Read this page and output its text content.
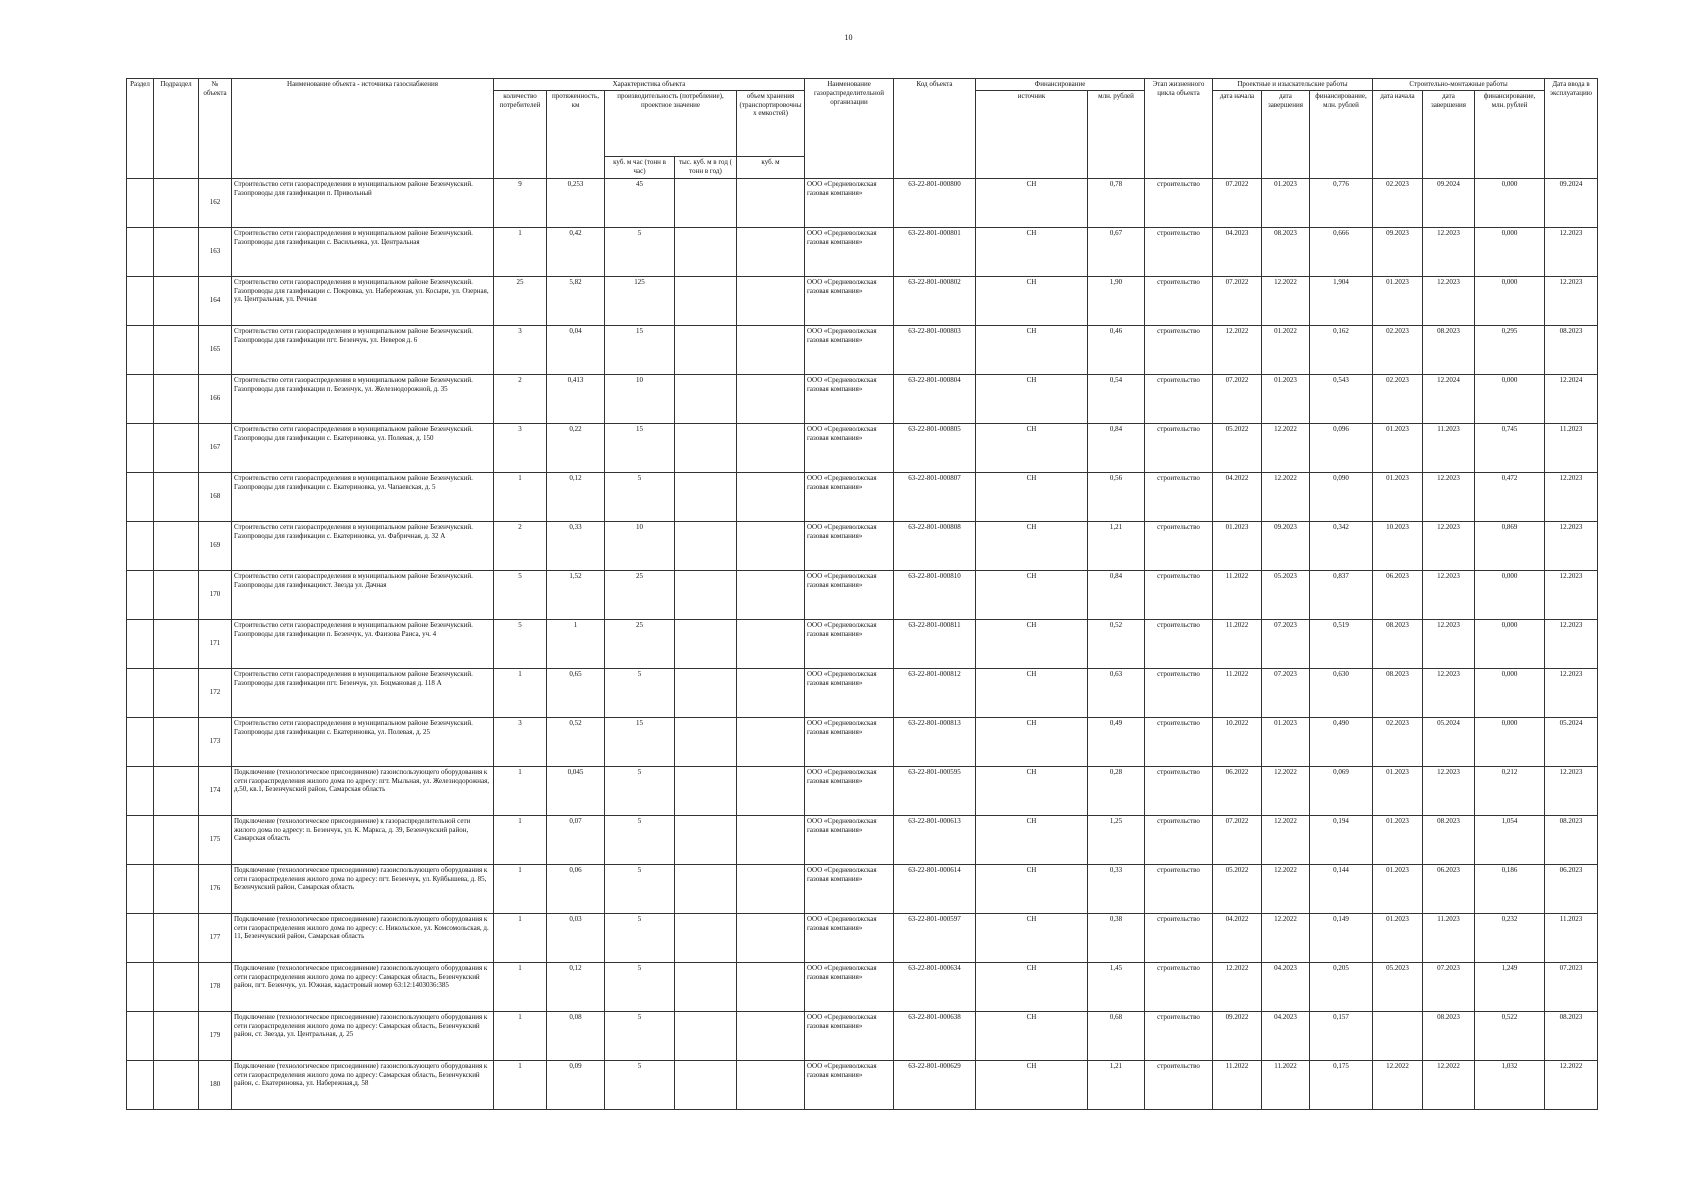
10
Раздел	Подраздел	№ объекта	Наименование объекта - источника газоснабжения	Характеристика объекта					Наименование газораспределительной организации	Код объекта	Финансирование		Этап жизненного цикла объекта	Проектные и изыскательские работы			Строительно-монтажные работы			Дата ввода в эксплуатацию
				количество потребителей	протяженность, км	производительность (потребление), проектное значение		объем хранения (транспортировочных емкостей)			источник	млн. рублей		дата начала	дата завершения	финансирование, млн. рублей	дата начала	дата завершения	финансирование, млн. рублей	
						куб. м час (тонн в час)	тыс. куб. м в год ( тонн в год)	куб. м												
		162	Строительство сети газораспределения в муниципальном районе Безенчукский. Газопроводы для газификации п. Привольный	9	0,253	45			ООО «Средневолжская газовая компания»	63-22-801-000800	СН	0,78	строительство	07.2022	01.2023	0,776	02.2023	09.2024	0,000	09.2024
		163	Строительство сети газораспределения в муниципальном районе Безенчукский. Газопроводы для газификации с. Васильевка, ул. Центральная	1	0,42	5			ООО «Средневолжская газовая компания»	63-22-801-000801	СН	0,67	строительство	04.2023	08.2023	0,666	09.2023	12.2023	0,000	12.2023
		164	Строительство сети газораспределения в муниципальном районе Безенчукский. Газопроводы для газификации с. Покровка, ул. Набережная, ул. Косыри, ул. Озерная, ул. Центральная, ул. Речная	25	5,82	125			ООО «Средневолжская газовая компания»	63-22-801-000802	СН	1,90	строительство	07.2022	12.2022	1,904	01.2023	12.2023	0,000	12.2023
		165	Строительство сети газораспределения в муниципальном районе Безенчукский. Газопроводы для газификации пгт. Безенчук, ул. Невероя д. 6	3	0,04	15			ООО «Средневолжская газовая компания»	63-22-801-000803	СН	0,46	строительство	12.2022	01.2022	0,162	02.2023	08.2023	0,295	08.2023
		166	Строительство сети газораспределения в муниципальном районе Безенчукский. Газопроводы для газификации п. Безенчук, ул. Железнодорожной, д. 35	2	0,413	10			ООО «Средневолжская газовая компания»	63-22-801-000804	СН	0,54	строительство	07.2022	01.2023	0,543	02.2023	12.2024	0,000	12.2024
		167	Строительство сети газораспределения в муниципальном районе Безенчукский. Газопроводы для газификации с. Екатериновка, ул. Полевая, д. 150	3	0,22	15			ООО «Средневолжская газовая компания»	63-22-801-000805	СН	0,84	строительство	05.2022	12.2022	0,096	01.2023	11.2023	0,745	11.2023
		168	Строительство сети газораспределения в муниципальном районе Безенчукский. Газопроводы для газификации с. Екатериновка, ул. Чапаевская, д. 5	1	0,12	5			ООО «Средневолжская газовая компания»	63-22-801-000807	СН	0,56	строительство	04.2022	12.2022	0,090	01.2023	12.2023	0,472	12.2023
		169	Строительство сети газораспределения в муниципальном районе Безенчукский. Газопроводы для газификации с. Екатериновка, ул. Фабричная, д. 32 А	2	0,33	10			ООО «Средневолжская газовая компания»	63-22-801-000808	СН	1,21	строительство	01.2023	09.2023	0,342	10.2023	12.2023	0,869	12.2023
		170	Строительство сети газораспределения в муниципальном районе Безенчукский. Газопроводы для газификациист. Звезда ул. Дачная	5	1,52	25			ООО «Средневолжская газовая компания»	63-22-801-000810	СН	0,84	строительство	11.2022	05.2023	0,837	06.2023	12.2023	0,000	12.2023
		171	Строительство сети газораспределения в муниципальном районе Безенчукский. Газопроводы для газификации п. Безенчук, ул. Фаизова Раиса, уч. 4	5	1	25			ООО «Средневолжская газовая компания»	63-22-801-000811	СН	0,52	строительство	11.2022	07.2023	0,519	08.2023	12.2023	0,000	12.2023
		172	Строительство сети газораспределения в муниципальном районе Безенчукский. Газопроводы для газификации пгт. Безенчук, ул. Боцмановая д. 118 А	1	0,65	5			ООО «Средневолжская газовая компания»	63-22-801-000812	СН	0,63	строительство	11.2022	07.2023	0,630	08.2023	12.2023	0,000	12.2023
		173	Строительство сети газораспределения в муниципальном районе Безенчукский. Газопроводы для газификации с. Екатериновка, ул. Полевая, д. 25	3	0,52	15			ООО «Средневолжская газовая компания»	63-22-801-000813	СН	0,49	строительство	10.2022	01.2023	0,490	02.2023	05.2024	0,000	05.2024
		174	Подключение (технологическое присоединение) газоиспользующего оборудования к сети газораспределения жилого дома по адресу: пгт. Мыльная, ул. Железнодорожная, д.50, кв.1, Безенчукский район, Самарская область	1	0,045	5			ООО «Средневолжская газовая компания»	63-22-801-000595	СН	0,28	строительство	06.2022	12.2022	0,069	01.2023	12.2023	0,212	12.2023
		175	Подключение (технологическое присоединение) к газораспределительной сети жилого дома по адресу: п. Безенчук, ул. К. Маркса, д. 39, Безенчукский район, Самарская область	1	0,07	5			ООО «Средневолжская газовая компания»	63-22-801-000613	СН	1,25	строительство	07.2022	12.2022	0,194	01.2023	08.2023	1,054	08.2023
		176	Подключение (технологическое присоединение) газоиспользующего оборудования к сети газораспределения жилого дома по адресу: пгт. Безенчук, ул. Куйбышева, д. 85, Безенчукский район, Самарская область	1	0,06	5			ООО «Средневолжская газовая компания»	63-22-801-000614	СН	0,33	строительство	05.2022	12.2022	0,144	01.2023	06.2023	0,186	06.2023
		177	Подключение (технологическое присоединение) газоиспользующего оборудования к сети газораспределения жилого дома по адресу: с. Никольское, ул. Комсомольская, д. 11, Безенчукский район, Самарская область	1	0,03	5			ООО «Средневолжская газовая компания»	63-22-801-000597	СН	0,38	строительство	04.2022	12.2022	0,149	01.2023	11.2023	0,232	11.2023
		178	Подключение (технологическое присоединение) газоиспользующего оборудования к сети газораспределения жилого дома по адресу: Самарская область, Безенчукский район, пгт. Безенчук, ул. Южная, кадастровый номер 63:12:1403036:385	1	0,12	5			ООО «Средневолжская газовая компания»	63-22-801-000634	СН	1,45	строительство	12.2022	04.2023	0,205	05.2023	07.2023	1,249	07.2023
		179	Подключение (технологическое присоединение) газоиспользующего оборудования к сети газораспределения жилого дома по адресу: Самарская область, Безенчукский район, ст. Звезда, ул. Центральная, д. 25	1	0,08	5			ООО «Средневолжская газовая компания»	63-22-801-000638	СН	0,68	строительство	09.2022	04.2023	0,157		08.2023	0,522	08.2023
		180	Подключение (технологическое присоединение) газоиспользующего оборудования к сети газораспределения жилого дома по адресу: Самарская область, Безенчукский район, с. Екатериновка, ул. Набережная,д. 58	1	0,09	5			ООО «Средневолжская газовая компания»	63-22-801-000629	СН	1,21	строительство	11.2022	11.2022	0,175	12.2022	12.2022	1,032	12.2022
